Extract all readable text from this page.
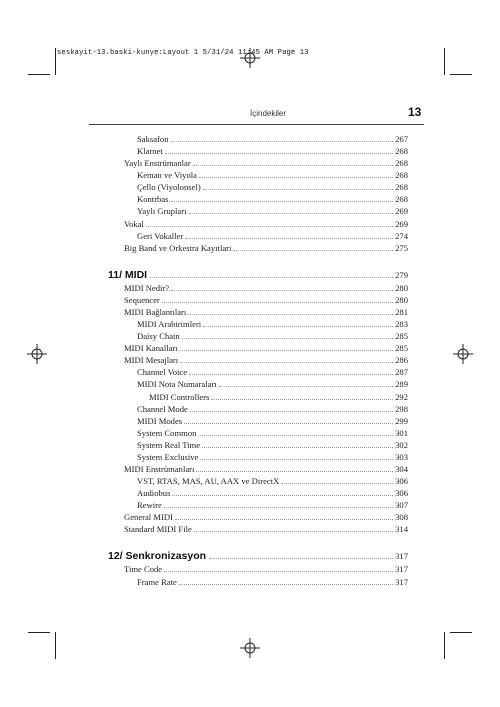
seskayit-13.baski-kunye:Layout 1 5/31/24 11:45 AM Page 13
İçindekiler	13
Saksafon	267
Klarnet	268
Yaylı Enstrümanlar	268
Keman ve Viyola	268
Çello (Viyolonsel)	268
Kontrbas	268
Yaylı Grupları	269
Vokal	269
Geri Vokaller	274
Big Band ve Orkestra Kayıtları	275
11/ MIDI	279
MIDI Nedir?	280
Sequencer	280
MIDI Bağlantıları	281
MIDI Arabirimleri	283
Daisy Chain	285
MIDI Kanalları	285
MIDI Mesajları	286
Channel Voice	287
MIDI Nota Numaraları	289
MIDI Controllers	292
Channel Mode	298
MIDI Modes	299
System Common	301
System Real Time	302
System Exclusive	303
MIDI Enstrümanları	304
VST, RTAS, MAS, AU, AAX ve DirectX	306
Audiobus	306
Rewire	307
General MIDI	308
Standard MIDI File	314
12/ Senkronizasyon	317
Time Code	317
Frame Rate	317
